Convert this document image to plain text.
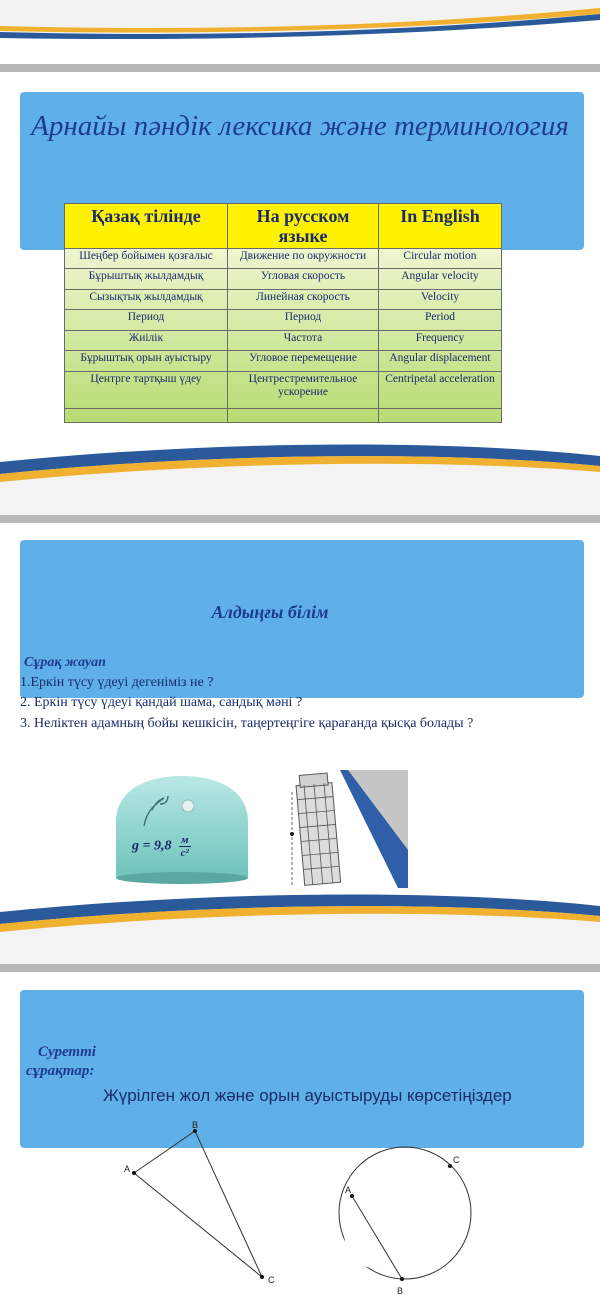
Арнайы пәндік лексика және терминология
Қазақ тілінде	На русском языке	In English
Шеңбер бойымен қозғалыс	Движение по окружности	Circular motion
Бұрыштық жылдамдық	Угловая скорость	Angular velocity
Сызықтық жылдамдық	Линейная скорость	Velocity
Период	Период	Period
Жиілік	Частота	Frequency
Бұрыштық орын ауыстыру	Угловое перемещение	Angular displacement
Центрге тартқыш үдеу	Центрестремительное ускорение	Centripetal acceleration

Алдыңғы білім
Сұрақ жауап
1.Еркін түсу үдеуі дегеніміз не ?
2. Еркін түсу үдеуі қандай шама, сандық мәні ?
3. Неліктен адамның бойы кешкісін, таңертеңгіге қарағанда қысқа болады ?
g = 9,8 м
с²
Суретті
сұрақтар:
Жүрілген жол және орын ауыстыруды көрсетіңіздер
A
B
C
A
B
C
